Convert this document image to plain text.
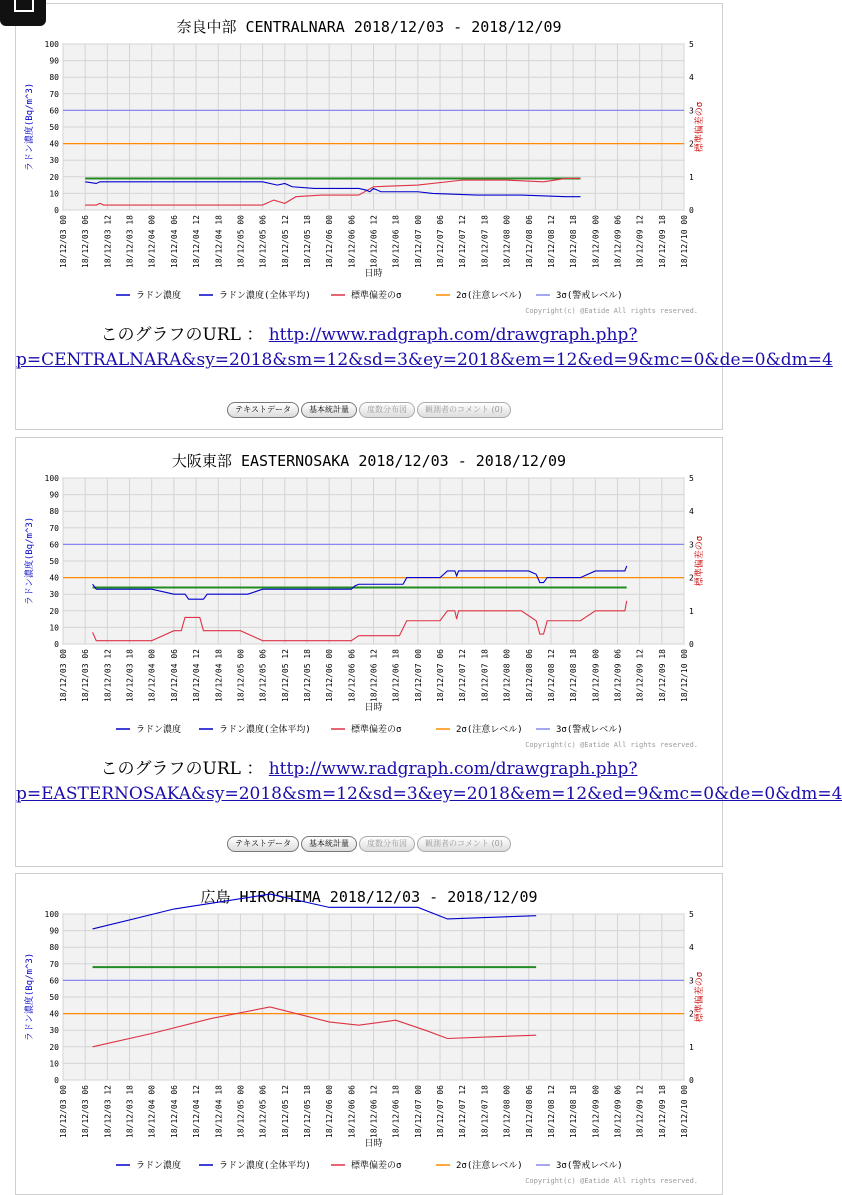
奈良中部 CENTRALNARA 2018/12/03 - 2018/12/09
18/12/03 00 18/12/03 06 18/12/03 12 18/12/03 18 18/12/04 00 18/12/04 06 18/12/04 12 18/12/04 18 18/12/05 00 18/12/05 06 18/12/05 12 18/12/05 18 18/12/06 00 18/12/06 06 18/12/06 12 18/12/06 18 18/12/07 00 18/12/07 06 18/12/07 12 18/12/07 18 18/12/08 00 18/12/08 06 18/12/08 12 18/12/08 18 18/12/09 00 18/12/09 06 18/12/09 12 18/12/09 18 18/12/10 00
0
10
20
30
40
50
60
70
80
90
100
0
1
2
3
4
5
ラドン濃度(Bq/m^3)	標準偏差のσ
日時
ラドン濃度	ラドン濃度(全体平均)	標準偏差のσ	2σ(注意レベル)	3σ(警戒レベル)
Copyright(c) @Eatide All rights reserved.
このグラフのURL ： http://www.radgraph.com/drawgraph.php?
p=CENTRALNARA&sy=2018&sm=12&sd=3&ey=2018&em=12&ed=9&mc=0&de=0&dm=4
テキストデータ 基本統計量 度数分布図 観測者のコメント (0)
大阪東部 EASTERNOSAKA 2018/12/03 - 2018/12/09
18/12/03 00 18/12/03 06 18/12/03 12 18/12/03 18 18/12/04 00 18/12/04 06 18/12/04 12 18/12/04 18 18/12/05 00 18/12/05 06 18/12/05 12 18/12/05 18 18/12/06 00 18/12/06 06 18/12/06 12 18/12/06 18 18/12/07 00 18/12/07 06 18/12/07 12 18/12/07 18 18/12/08 00 18/12/08 06 18/12/08 12 18/12/08 18 18/12/09 00 18/12/09 06 18/12/09 12 18/12/09 18 18/12/10 00
0
10
20
30
40
50
60
70
80
90
100
0
1
2
3
4
5
ラドン濃度(Bq/m^3)	標準偏差のσ
日時
ラドン濃度	ラドン濃度(全体平均)	標準偏差のσ	2σ(注意レベル)	3σ(警戒レベル)
Copyright(c) @Eatide All rights reserved.
このグラフのURL ： http://www.radgraph.com/drawgraph.php?
p=EASTERNOSAKA&sy=2018&sm=12&sd=3&ey=2018&em=12&ed=9&mc=0&de=0&dm=4
テキストデータ 基本統計量 度数分布図 観測者のコメント (0)
広島 HIROSHIMA 2018/12/03 - 2018/12/09
18/12/03 00 18/12/03 06 18/12/03 12 18/12/03 18 18/12/04 00 18/12/04 06 18/12/04 12 18/12/04 18 18/12/05 00 18/12/05 06 18/12/05 12 18/12/05 18 18/12/06 00 18/12/06 06 18/12/06 12 18/12/06 18 18/12/07 00 18/12/07 06 18/12/07 12 18/12/07 18 18/12/08 00 18/12/08 06 18/12/08 12 18/12/08 18 18/12/09 00 18/12/09 06 18/12/09 12 18/12/09 18 18/12/10 00
0
10
20
30
40
50
60
70
80
90
100
0
1
2
3
4
5
ラドン濃度(Bq/m^3)	標準偏差のσ
日時
ラドン濃度	ラドン濃度(全体平均)	標準偏差のσ	2σ(注意レベル)	3σ(警戒レベル)
Copyright(c) @Eatide All rights reserved.
